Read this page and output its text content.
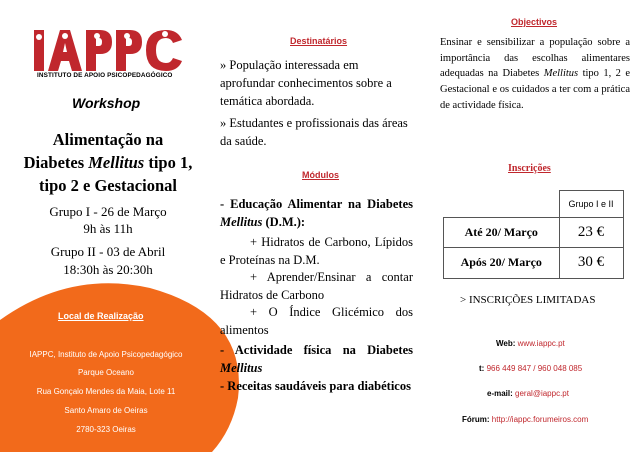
INSTITUTO DE APOIO PSICOPEDAGÓGICO
Workshop
Alimentação na
Diabetes Mellitus tipo 1,
tipo 2 e Gestacional
Grupo I - 26 de Março
9h às 11h
Grupo II - 03 de Abril
18:30h às 20:30h
Local de Realização
IAPPC, Instituto de Apoio Psicopedagógico
Parque Oceano
Rua Gonçalo Mendes da Maia, Lote 11
Santo Amaro de Oeiras
2780-323 Oeiras
Destinatários
» População interessada em aprofundar conhecimentos sobre a temática abordada.
» Estudantes e profissionais das áreas da saúde.
Módulos
- Educação Alimentar na Diabetes Mellitus (D.M.):
+ Hidratos de Carbono, Lípidos e Proteínas na D.M.
+ Aprender/Ensinar a contar Hidratos de Carbono
+ O Índice Glicémico dos alimentos
- Actividade física na Diabetes Mellitus
- Receitas saudáveis para diabéticos
Objectivos
Ensinar e sensibilizar a população sobre a importância das escolhas alimentares adequadas na Diabetes Mellitus tipo 1, 2 e Gestacional e os cuidados a ter com a prática de actividade física.
Inscrições
	Grupo I e II
Até 20/ Março	23 €
Após 20/ Março	30 €
> INSCRIÇÕES LIMITADAS
Web: www.iappc.pt
t: 966 449 847 / 960 048 085
e-mail: geral@iappc.pt
Fórum: http://iappc.forumeiros.com
